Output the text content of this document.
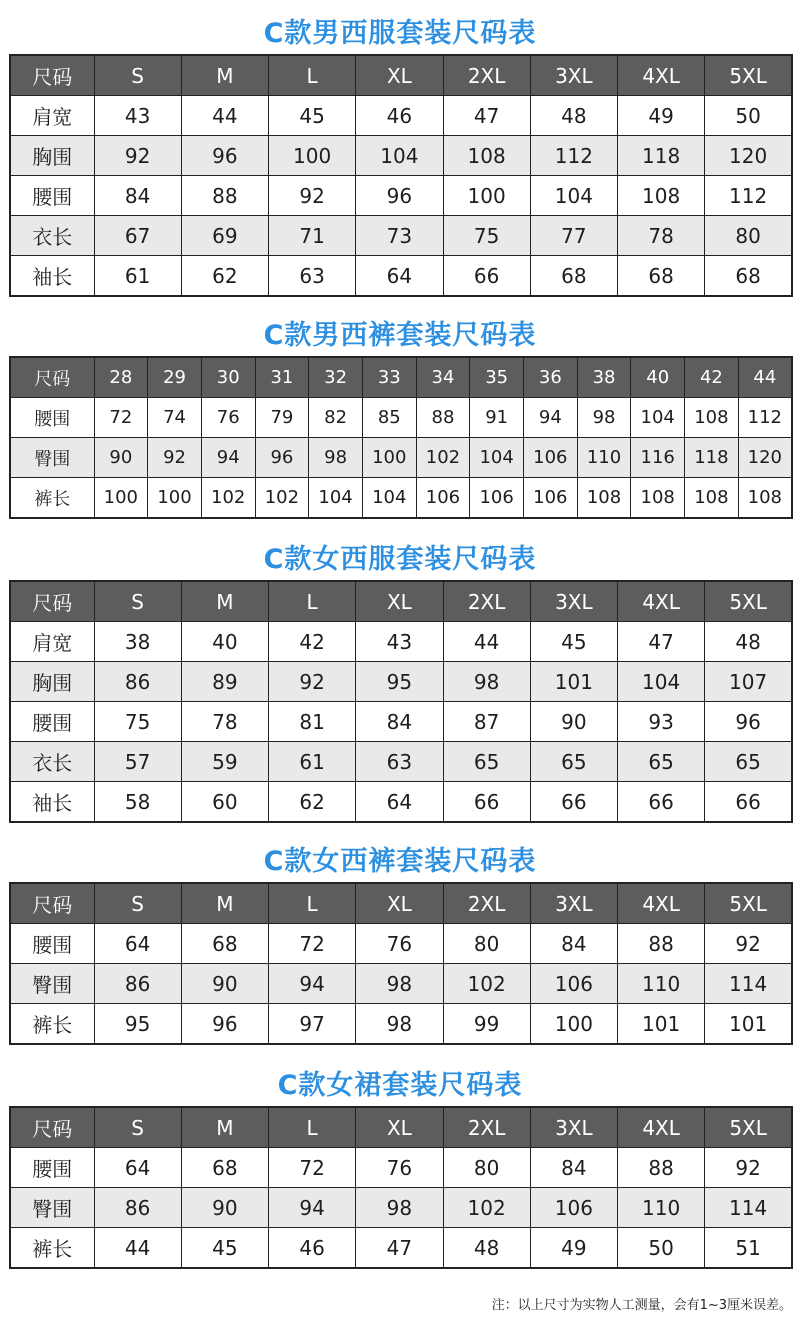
C款男西服套装尺码表
尺码	S	M	L	XL	2XL	3XL	4XL	5XL
肩宽	43	44	45	46	47	48	49	50
胸围	92	96	100	104	108	112	118	120
腰围	84	88	92	96	100	104	108	112
衣长	67	69	71	73	75	77	78	80
袖长	61	62	63	64	66	68	68	68
C款男西裤套装尺码表
尺码	28	29	30	31	32	33	34	35	36	38	40	42	44
腰围	72	74	76	79	82	85	88	91	94	98	104	108	112
臀围	90	92	94	96	98	100	102	104	106	110	116	118	120
裤长	100	100	102	102	104	104	106	106	106	108	108	108	108
C款女西服套装尺码表
尺码	S	M	L	XL	2XL	3XL	4XL	5XL
肩宽	38	40	42	43	44	45	47	48
胸围	86	89	92	95	98	101	104	107
腰围	75	78	81	84	87	90	93	96
衣长	57	59	61	63	65	65	65	65
袖长	58	60	62	64	66	66	66	66
C款女西裤套装尺码表
尺码	S	M	L	XL	2XL	3XL	4XL	5XL
腰围	64	68	72	76	80	84	88	92
臀围	86	90	94	98	102	106	110	114
裤长	95	96	97	98	99	100	101	101
C款女裙套装尺码表
尺码	S	M	L	XL	2XL	3XL	4XL	5XL
腰围	64	68	72	76	80	84	88	92
臀围	86	90	94	98	102	106	110	114
裤长	44	45	46	47	48	49	50	51
注：以上尺寸为实物人工测量，会有1~3厘米误差。
